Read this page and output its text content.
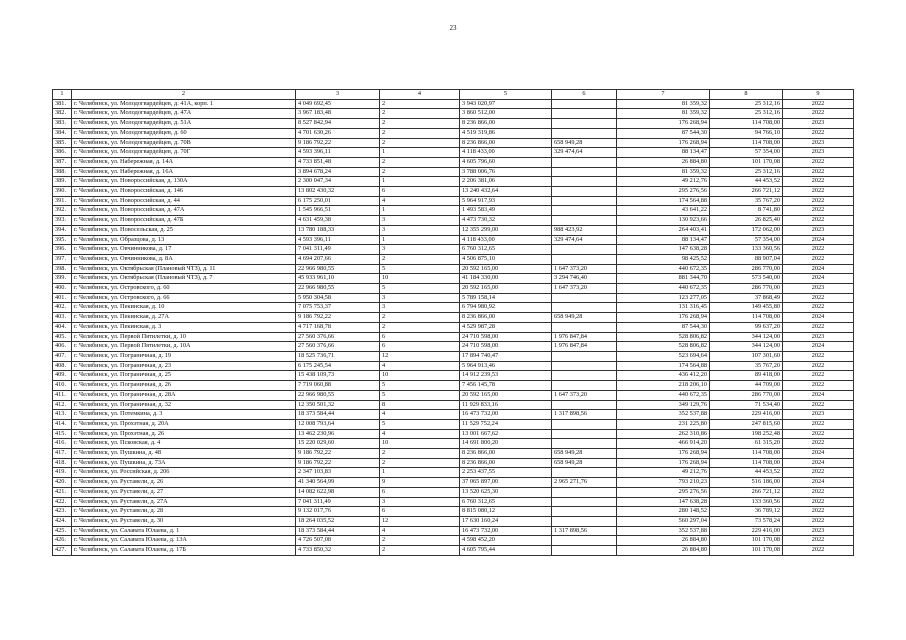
23
1	2	3	4	5	6	7	8	9
381.	г. Челябинск, ул. Молодогвардейцев, д. 41А, корп. 1	4 049 692,45	2	3 943 020,97		81 359,32	25 312,16	2022
382.	г. Челябинск, ул. Молодогвардейцев, д. 47А	3 967 183,48	2	3 860 512,00		81 359,32	25 312,16	2022
383.	г. Челябинск, ул. Молодогвардейцев, д. 51А	8 527 842,94	2	8 236 866,00		176 268,94	114 708,00	2023
384.	г. Челябинск, ул. Молодогвардейцев, д. 60	4 701 630,26	2	4 519 319,86		87 544,30	94 766,10	2022
385.	г. Челябинск, ул. Молодогвардейцев, д. 70В	9 186 792,22	2	8 236 866,00	658 949,28	176 268,94	114 708,00	2023
386.	г. Челябинск, ул. Молодогвардейцев, д. 70Г	4 593 396,11	1	4 118 433,00	329 474,64	88 134,47	57 354,00	2023
387.	г. Челябинск, ул. Набережная, д. 14А	4 733 851,48	2	4 605 796,60		26 884,80	101 170,08	2022
388.	г. Челябинск, ул. Набережная, д. 16А	3 894 678,24	2	3 788 006,76		81 359,32	25 312,16	2022
389.	г. Челябинск, ул. Новороссийская, д. 130А	2 300 047,34	1	2 206 381,06		49 212,76	44 453,52	2022
390.	г. Челябинск, ул. Новороссийская, д. 146	13 802 430,32	6	13 240 432,64		295 276,56	266 721,12	2022
391.	г. Челябинск, ул. Новороссийская, д. 44	6 175 250,01	4	5 964 917,93		174 564,88	35 767,20	2022
392.	г. Челябинск, ул. Новороссийская, д. 47А	1 545 966,51	1	1 493 583,49		43 641,22	8 741,80	2022
393.	г. Челябинск, ул. Новороссийская, д. 47Б	4 631 459,38	3	4 473 730,32		130 923,66	26 825,40	2022
394.	г. Челябинск, ул. Новосельская, д. 25	13 780 188,33	3	12 355 299,00	988 423,92	264 403,41	172 062,00	2023
395.	г. Челябинск, ул. Образцова, д. 13	4 593 396,11	1	4 118 433,00	329 474,64	88 134,47	57 354,00	2024
396.	г. Челябинск, ул. Овчинникова, д. 17	7 041 311,49	3	6 760 312,65		147 638,28	133 360,56	2022
397.	г. Челябинск, ул. Овчинникова, д. 8А	4 694 207,66	2	4 506 875,10		98 425,52	88 907,04	2022
398.	г. Челябинск, ул. Октябрьская (Плановый ЧТЗ), д. 11	22 966 980,55	5	20 592 165,00	1 647 373,20	440 672,35	286 770,00	2024
399.	г. Челябинск, ул. Октябрьская (Плановый ЧТЗ), д. 7	45 933 961,10	10	41 184 330,00	3 294 746,40	881 344,70	573 540,00	2024
400.	г. Челябинск, ул. Островского, д. 60	22 966 980,55	5	20 592 165,00	1 647 373,20	440 672,35	286 770,00	2023
401.	г. Челябинск, ул. Островского, д. 66	5 950 304,58	3	5 789 158,14		123 277,05	37 868,49	2022
402.	г. Челябинск, ул. Пекинская, д. 10	7 075 753,37	3	6 794 980,92		131 316,45	149 455,80	2022
403.	г. Челябинск, ул. Пекинская, д. 27А	9 186 792,22	2	8 236 866,00	658 949,28	176 268,94	114 708,00	2024
404.	г. Челябинск, ул. Пекинская, д. 3	4 717 168,78	2	4 529 987,28		87 544,30	99 637,20	2022
405.	г. Челябинск, ул. Первой Пятилетки, д. 10	27 560 376,66	6	24 710 598,00	1 976 847,84	528 806,82	344 124,00	2023
406.	г. Челябинск, ул. Первой Пятилетки, д. 10А	27 560 376,66	6	24 710 598,00	1 976 847,84	528 806,82	344 124,00	2024
407.	г. Челябинск, ул. Пограничная, д. 19	18 525 736,71	12	17 894 740,47		523 694,64	107 301,60	2022
408.	г. Челябинск, ул. Пограничная, д. 23	6 175 245,54	4	5 964 913,46		174 564,88	35 767,20	2022
409.	г. Челябинск, ул. Пограничная, д. 25	15 438 109,73	10	14 912 239,53		436 412,20	89 418,00	2022
410.	г. Челябинск, ул. Пограничная, д. 26	7 719 060,88	5	7 456 145,78		218 206,10	44 709,00	2022
411.	г. Челябинск, ул. Пограничная, д. 28А	22 966 980,55	5	20 592 165,00	1 647 373,20	440 672,35	286 770,00	2024
412.	г. Челябинск, ул. Пограничная, д. 32	12 350 501,32	8	11 929 833,16		349 129,76	71 534,40	2022
413.	г. Челябинск, ул. Потемкина, д. 3	18 373 584,44	4	16 473 732,00	1 317 898,56	352 537,88	229 416,00	2023
414.	г. Челябинск, ул. Прохэтная, д. 20А	12 008 793,64	5	11 529 752,24		231 225,80	247 815,60	2022
415.	г. Челябинск, ул. Прохэтная, д. 26	13 462 230,96	4	13 001 667,62		262 310,86	198 252,48	2022
416.	г. Челябинск, ул. Псковская, д. 4	15 220 029,60	10	14 691 800,20		466 914,20	61 315,20	2022
417.	г. Челябинск, ул. Пушкина, д. 48	9 186 792,22	2	8 236 866,00	658 949,28	176 268,94	114 708,00	2024
418.	г. Челябинск, ул. Пушкина, д. 73А	9 186 792,22	2	8 236 866,00	658 949,28	176 268,94	114 708,00	2024
419.	г. Челябинск, ул. Российская, д. 206	2 347 103,83	1	2 253 437,55		49 212,76	44 453,52	2022
420.	г. Челябинск, ул. Руставели, д. 26	41 340 564,99	9	37 065 897,00	2 965 271,76	793 210,23	516 186,00	2024
421.	г. Челябинск, ул. Руставели, д. 27	14 082 622,98	6	13 520 625,30		295 276,56	266 721,12	2022
422.	г. Челябинск, ул. Руставели, д. 27А	7 041 311,49	3	6 760 312,65		147 638,28	133 360,56	2022
423.	г. Челябинск, ул. Руставели, д. 28	9 132 017,76	6	8 815 080,12		280 148,52	36 789,12	2022
424.	г. Челябинск, ул. Руставели, д. 30	18 264 035,52	12	17 630 160,24		560 297,04	73 578,24	2022
425.	г. Челябинск, ул. Салавата Юлаева, д. 1	18 373 584,44	4	16 473 732,00	1 317 898,56	352 537,88	229 416,00	2023
426.	г. Челябинск, ул. Салавата Юлаева, д. 13А	4 726 507,08	2	4 598 452,20		26 884,80	101 170,08	2022
427.	г. Челябинск, ул. Салавата Юлаева, д. 17Б	4 733 850,32	2	4 605 795,44		26 884,80	101 170,08	2022
